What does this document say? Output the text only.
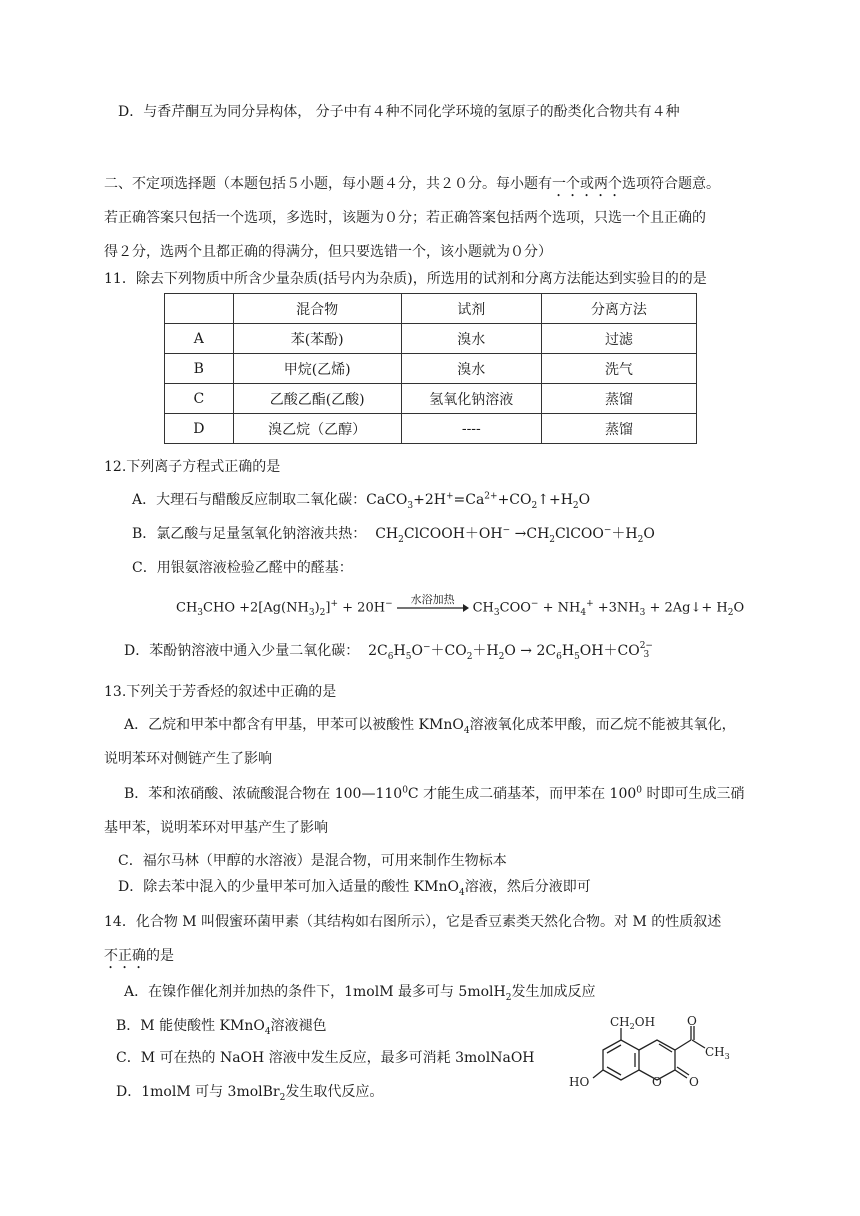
D．与香芹酮互为同分异构体， 分子中有４种不同化学环境的氢原子的酚类化合物共有４种
二、不定项选择题（本题包括５小题，每小题４分，共２０分。每小题有一个或两个选项符合题意。
若正确答案只包括一个选项，多选时，该题为０分；若正确答案包括两个选项，只选一个且正确的
得２分，选两个且都正确的得满分，但只要选错一个，该小题就为０分）
11．除去下列物质中所含少量杂质(括号内为杂质)，所选用的试剂和分离方法能达到实验目的的是
	混合物	试剂	分离方法
A	苯(苯酚)	溴水	过滤
B	甲烷(乙烯)	溴水	洗气
C	乙酸乙酯(乙酸)	氢氧化钠溶液	蒸馏
D	溴乙烷（乙醇）	----	蒸馏
12.下列离子方程式正确的是
A．大理石与醋酸反应制取二氧化碳：$CaCO_3+2H^+=Ca^{2+}+CO_2↑+H_2O$
B．氯乙酸与足量氢氧化钠溶液共热：  $CH_2ClCOOH+OH^-$ $\to CH_2ClCOO^-+H_2O$
C．用银氨溶液检验乙醛中的醛基：
$CH_3CHO +2[Ag(NH_3)_2]^+ + 20H^-$	水浴加热
$CH_3COO^- + NH_4^+ +3NH_3$ + 2Ag↓+ $H_2O$
D．苯酚钠溶液中通入少量二氧化碳：  $2C_6H_5O^-+CO_2+H_2O \to 2C_6H_5OH+CO2-$
3
13.下列关于芳香烃的叙述中正确的是
A．乙烷和甲苯中都含有甲基，甲苯可以被酸性 KMnO$_4$溶液氧化成苯甲酸，而乙烷不能被其氧化，
说明苯环对侧链产生了影响
B．苯和浓硝酸、浓硫酸混合物在 $100—110^0C$ 才能生成二硝基苯，而甲苯在 $100^0$ 时即可生成三硝
基甲苯，说明苯环对甲基产生了影响
C．福尔马林（甲醇的水溶液）是混合物，可用来制作生物标本
D．除去苯中混入的少量甲苯可加入适量的酸性 KMnO$_4$溶液，然后分液即可
14．化合物 M 叫假蜜环菌甲素（其结构如右图所示），它是香豆素类天然化合物。对 M 的性质叙述
不正确的是
A．在镍作催化剂并加热的条件下，1molM 最多可与 5molH$_2$发生加成反应
B．M 能使酸性 KMnO$_4$溶液褪色
C．M 可在热的 NaOH 溶液中发生反应，最多可消耗 3molNaOH
D．1molM 可与 3molBr$_2$发生取代反应。
$CH_2OH$	O
$CH_3$
HO	O O
